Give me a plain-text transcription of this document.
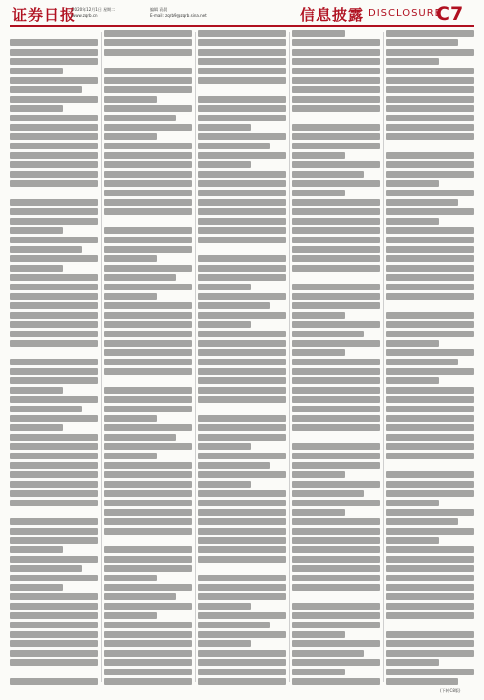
证券日报
2020年12月1日 星期二
www.zqrb.cn
编辑 袁晨
E-mail: zqrb9@zqrb.sina.net	信息披露 DISCLOSURE
C7
(下转C8版)
